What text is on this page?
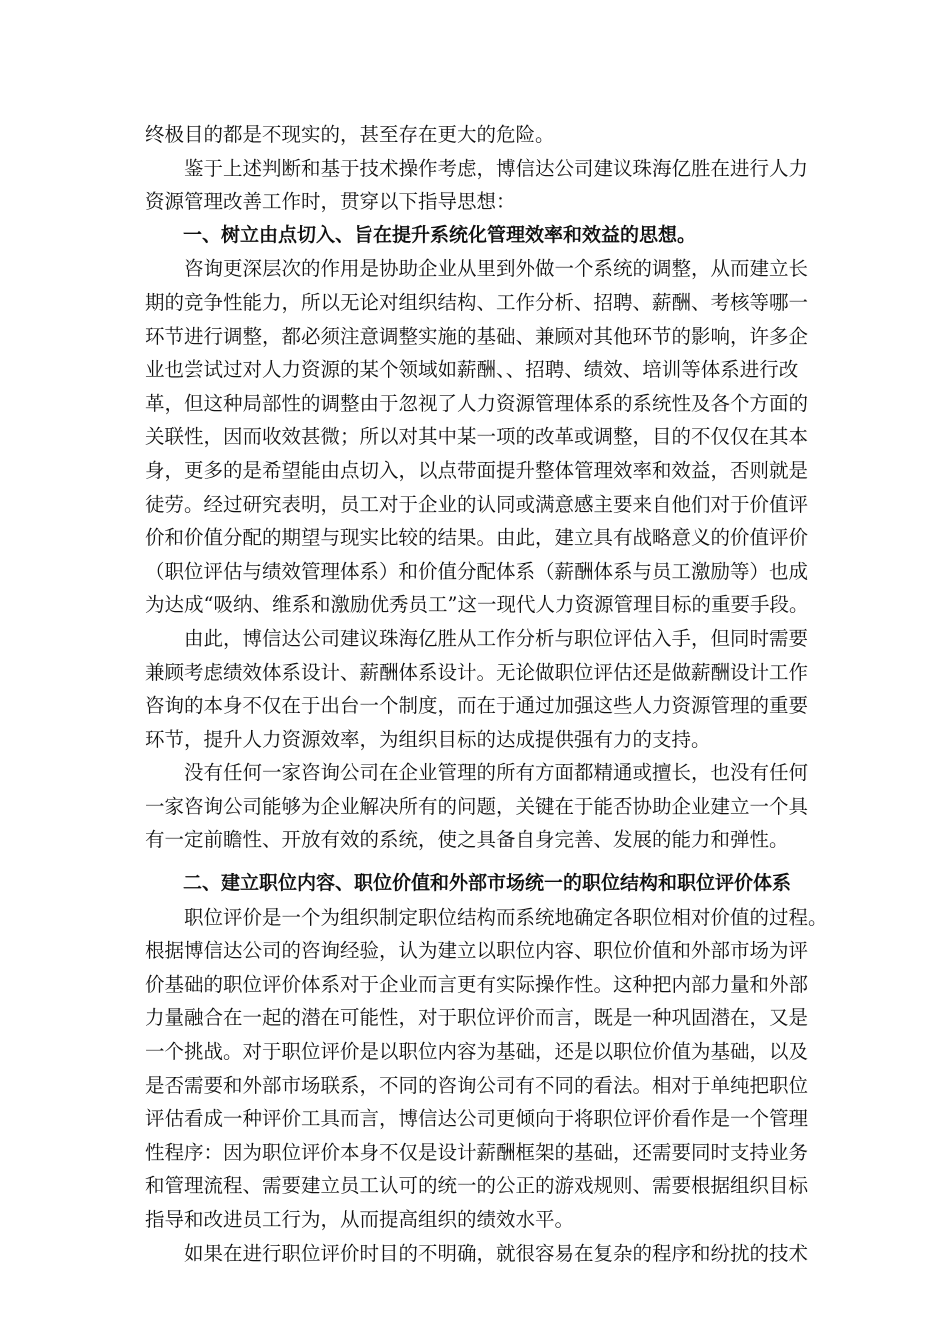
终极目的都是不现实的，甚至存在更大的危险。

鉴于上述判断和基于技术操作考虑，博信达公司建议珠海亿胜在进行人力
资源管理改善工作时，贯穿以下指导思想：

一、树立由点切入、旨在提升系统化管理效率和效益的思想。

咨询更深层次的作用是协助企业从里到外做一个系统的调整，从而建立长
期的竞争性能力，所以无论对组织结构、工作分析、招聘、薪酬、考核等哪一
环节进行调整，都必须注意调整实施的基础、兼顾对其他环节的影响，许多企
业也尝试过对人力资源的某个领域如薪酬、、招聘、绩效、培训等体系进行改
革，但这种局部性的调整由于忽视了人力资源管理体系的系统性及各个方面的
关联性，因而收效甚微；所以对其中某一项的改革或调整，目的不仅仅在其本
身，更多的是希望能由点切入，以点带面提升整体管理效率和效益，否则就是
徒劳。经过研究表明，员工对于企业的认同或满意感主要来自他们对于价值评
价和价值分配的期望与现实比较的结果。由此，建立具有战略意义的价值评价
（职位评估与绩效管理体系）和价值分配体系（薪酬体系与员工激励等）也成
为达成“吸纳、维系和激励优秀员工”这一现代人力资源管理目标的重要手段。

由此，博信达公司建议珠海亿胜从工作分析与职位评估入手，但同时需要
兼顾考虑绩效体系设计、薪酬体系设计。无论做职位评估还是做薪酬设计工作
咨询的本身不仅在于出台一个制度，而在于通过加强这些人力资源管理的重要
环节，提升人力资源效率，为组织目标的达成提供强有力的支持。

没有任何一家咨询公司在企业管理的所有方面都精通或擅长，也没有任何
一家咨询公司能够为企业解决所有的问题，关键在于能否协助企业建立一个具
有一定前瞻性、开放有效的系统，使之具备自身完善、发展的能力和弹性。

二、建立职位内容、职位价值和外部市场统一的职位结构和职位评价体系

职位评价是一个为组织制定职位结构而系统地确定各职位相对价值的过程。
根据博信达公司的咨询经验，认为建立以职位内容、职位价值和外部市场为评
价基础的职位评价体系对于企业而言更有实际操作性。这种把内部力量和外部
力量融合在一起的潜在可能性，对于职位评价而言，既是一种巩固潜在，又是
一个挑战。对于职位评价是以职位内容为基础，还是以职位价值为基础，以及
是否需要和外部市场联系，不同的咨询公司有不同的看法。相对于单纯把职位
评估看成一种评价工具而言，博信达公司更倾向于将职位评价看作是一个管理
性程序：因为职位评价本身不仅是设计薪酬框架的基础，还需要同时支持业务
和管理流程、需要建立员工认可的统一的公正的游戏规则、需要根据组织目标
指导和改进员工行为，从而提高组织的绩效水平。

如果在进行职位评价时目的不明确，就很容易在复杂的程序和纷扰的技术
